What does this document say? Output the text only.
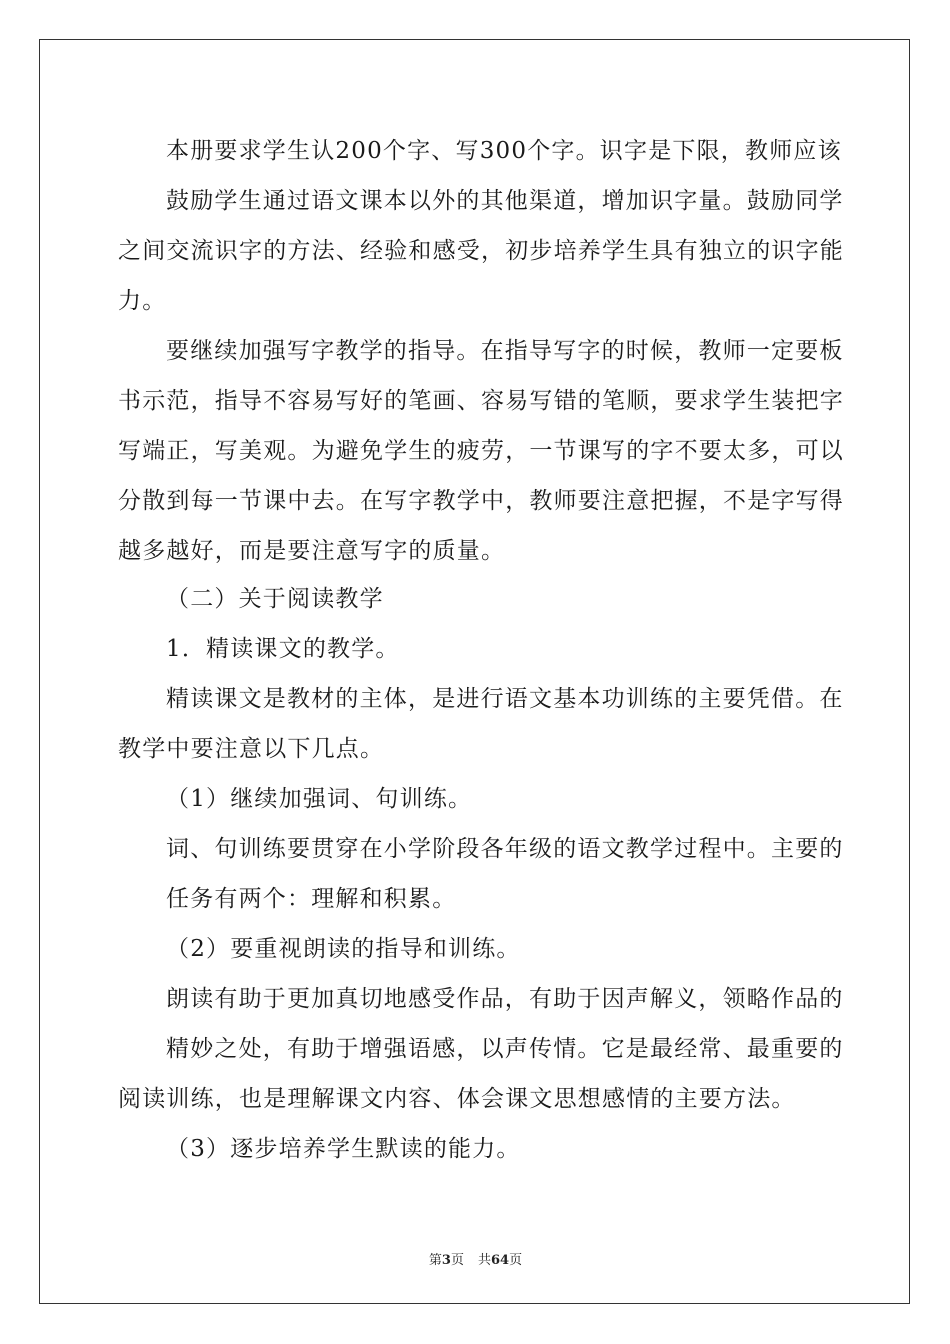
本册要求学生认200个字、写300个字。识字是下限，教师应该
鼓励学生通过语文课本以外的其他渠道，增加识字量。鼓励同学
之间交流识字的方法、经验和感受，初步培养学生具有独立的识字能
力。
要继续加强写字教学的指导。在指导写字的时候，教师一定要板
书示范，指导不容易写好的笔画、容易写错的笔顺，要求学生装把字
写端正，写美观。为避免学生的疲劳，一节课写的字不要太多，可以
分散到每一节课中去。在写字教学中，教师要注意把握，不是字写得
越多越好，而是要注意写字的质量。
（二）关于阅读教学
1．精读课文的教学。
精读课文是教材的主体，是进行语文基本功训练的主要凭借。在
教学中要注意以下几点。
（1）继续加强词、句训练。
词、句训练要贯穿在小学阶段各年级的语文教学过程中。主要的
任务有两个：理解和积累。
（2）要重视朗读的指导和训练。
朗读有助于更加真切地感受作品，有助于因声解义，领略作品的
精妙之处，有助于增强语感，以声传情。它是最经常、最重要的
阅读训练，也是理解课文内容、体会课文思想感情的主要方法。
（3）逐步培养学生默读的能力。
第3页 共64页
